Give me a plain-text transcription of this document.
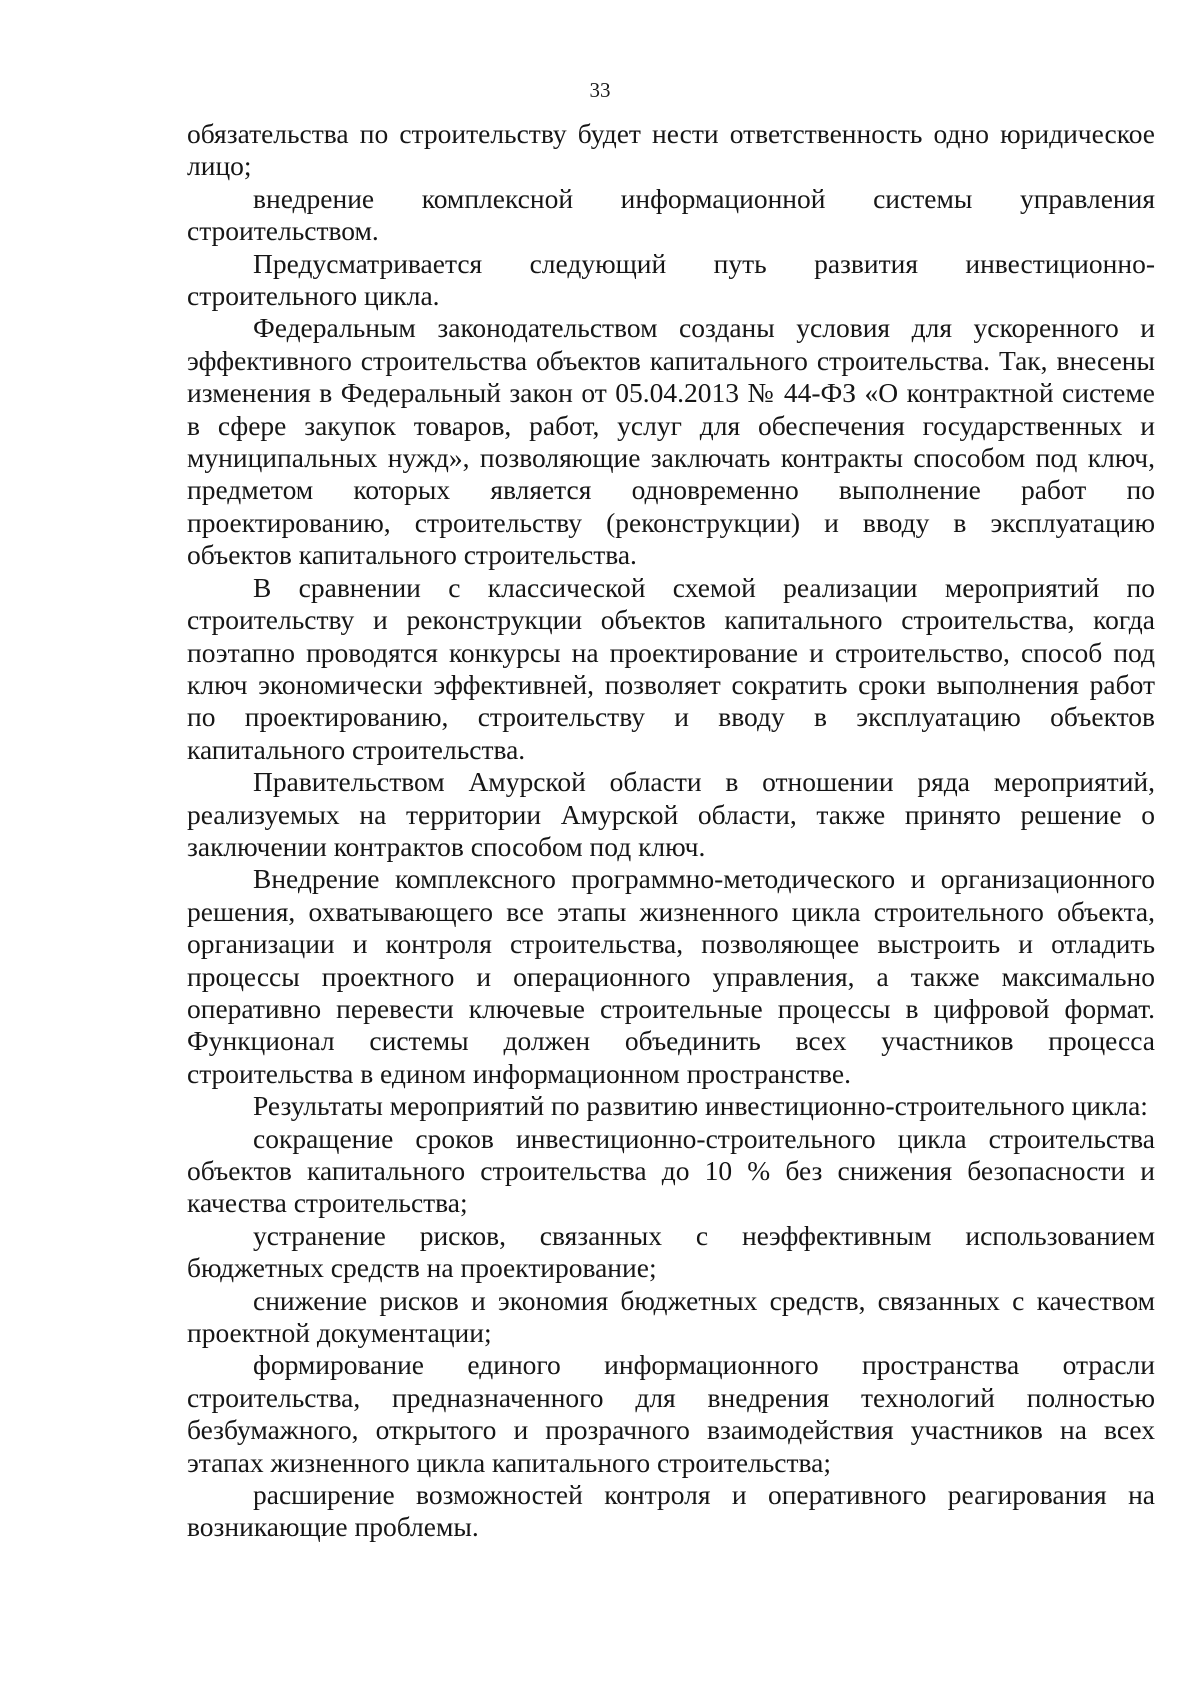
33

обязательства по строительству будет нести ответственность одно юридическое лицо;

внедрение комплексной информационной системы управления строительством.

Предусматривается следующий путь развития инвестиционно-строительного цикла.

Федеральным законодательством созданы условия для ускоренного и эффективного строительства объектов капитального строительства. Так, внесены изменения в Федеральный закон от 05.04.2013 № 44-ФЗ «О контрактной системе в сфере закупок товаров, работ, услуг для обеспечения государственных и муниципальных нужд», позволяющие заключать контракты способом под ключ, предметом которых является одновременно выполнение работ по проектированию, строительству (реконструкции) и вводу в эксплуатацию объектов капитального строительства.

В сравнении с классической схемой реализации мероприятий по строительству и реконструкции объектов капитального строительства, когда поэтапно проводятся конкурсы на проектирование и строительство, способ под ключ экономически эффективней, позволяет сократить сроки выполнения работ по проектированию, строительству и вводу в эксплуатацию объектов капитального строительства.

Правительством Амурской области в отношении ряда мероприятий, реализуемых на территории Амурской области, также принято решение о заключении контрактов способом под ключ.

Внедрение комплексного программно-методического и организационного решения, охватывающего все этапы жизненного цикла строительного объекта, организации и контроля строительства, позволяющее выстроить и отладить процессы проектного и операционного управления, а также максимально оперативно перевести ключевые строительные процессы в цифровой формат. Функционал системы должен объединить всех участников процесса строительства в едином информационном пространстве.

Результаты мероприятий по развитию инвестиционно-строительного цикла:

сокращение сроков инвестиционно-строительного цикла строительства объектов капитального строительства до 10 % без снижения безопасности и качества строительства;

устранение рисков, связанных с неэффективным использованием бюджетных средств на проектирование;

снижение рисков и экономия бюджетных средств, связанных с качеством проектной документации;

формирование единого информационного пространства отрасли строительства, предназначенного для внедрения технологий полностью безбумажного, открытого и прозрачного взаимодействия участников на всех этапах жизненного цикла капитального строительства;

расширение возможностей контроля и оперативного реагирования на возникающие проблемы.
